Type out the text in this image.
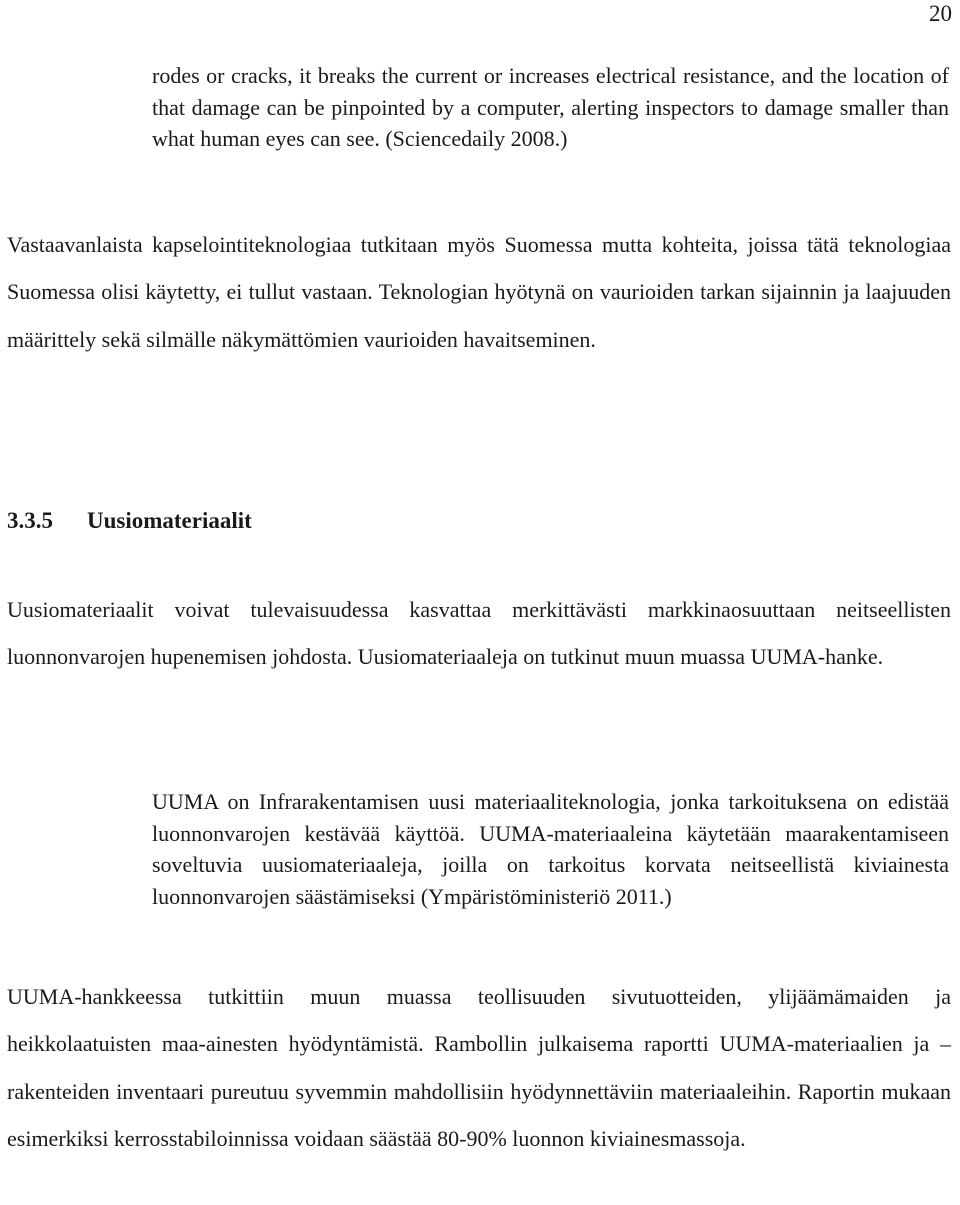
20

rodes or cracks, it breaks the current or increases electrical resistance, and the location of that damage can be pinpointed by a computer, alerting inspectors to damage smaller than what human eyes can see. (Sciencedaily 2008.)

Vastaavanlaista kapselointiteknologiaa tutkitaan myös Suomessa mutta kohteita, joissa tätä teknologiaa Suomessa olisi käytetty, ei tullut vastaan. Teknologian hyötynä on vaurioiden tarkan sijainnin ja laajuuden määrittely sekä silmälle näkymättömien vaurioiden havaitseminen.

3.3.5 Uusiomateriaalit

Uusiomateriaalit voivat tulevaisuudessa kasvattaa merkittävästi markkinaosuuttaan neitseellisten luonnonvarojen hupenemisen johdosta. Uusiomateriaaleja on tutkinut muun muassa UUMA-hanke.

UUMA on Infrarakentamisen uusi materiaaliteknologia, jonka tarkoituksena on edistää luonnonvarojen kestävää käyttöä. UUMA-materiaaleina käytetään maarakentamiseen soveltuvia uusiomateriaaleja, joilla on tarkoitus korvata neitseellistä kiviainesta luonnonvarojen säästämiseksi (Ympäristöministeriö 2011.)

UUMA-hankkeessa tutkittiin muun muassa teollisuuden sivutuotteiden, ylijäämämaiden ja heikkolaatuisten maa-ainesten hyödyntämistä. Rambollin julkaisema raportti UUMA-materiaalien ja – rakenteiden inventaari pureutuu syvemmin mahdollisiin hyödynnettäviin materiaaleihin. Raportin mukaan esimerkiksi kerrosstabiloinnissa voidaan säästää 80-90% luonnon kiviainesmassoja.
